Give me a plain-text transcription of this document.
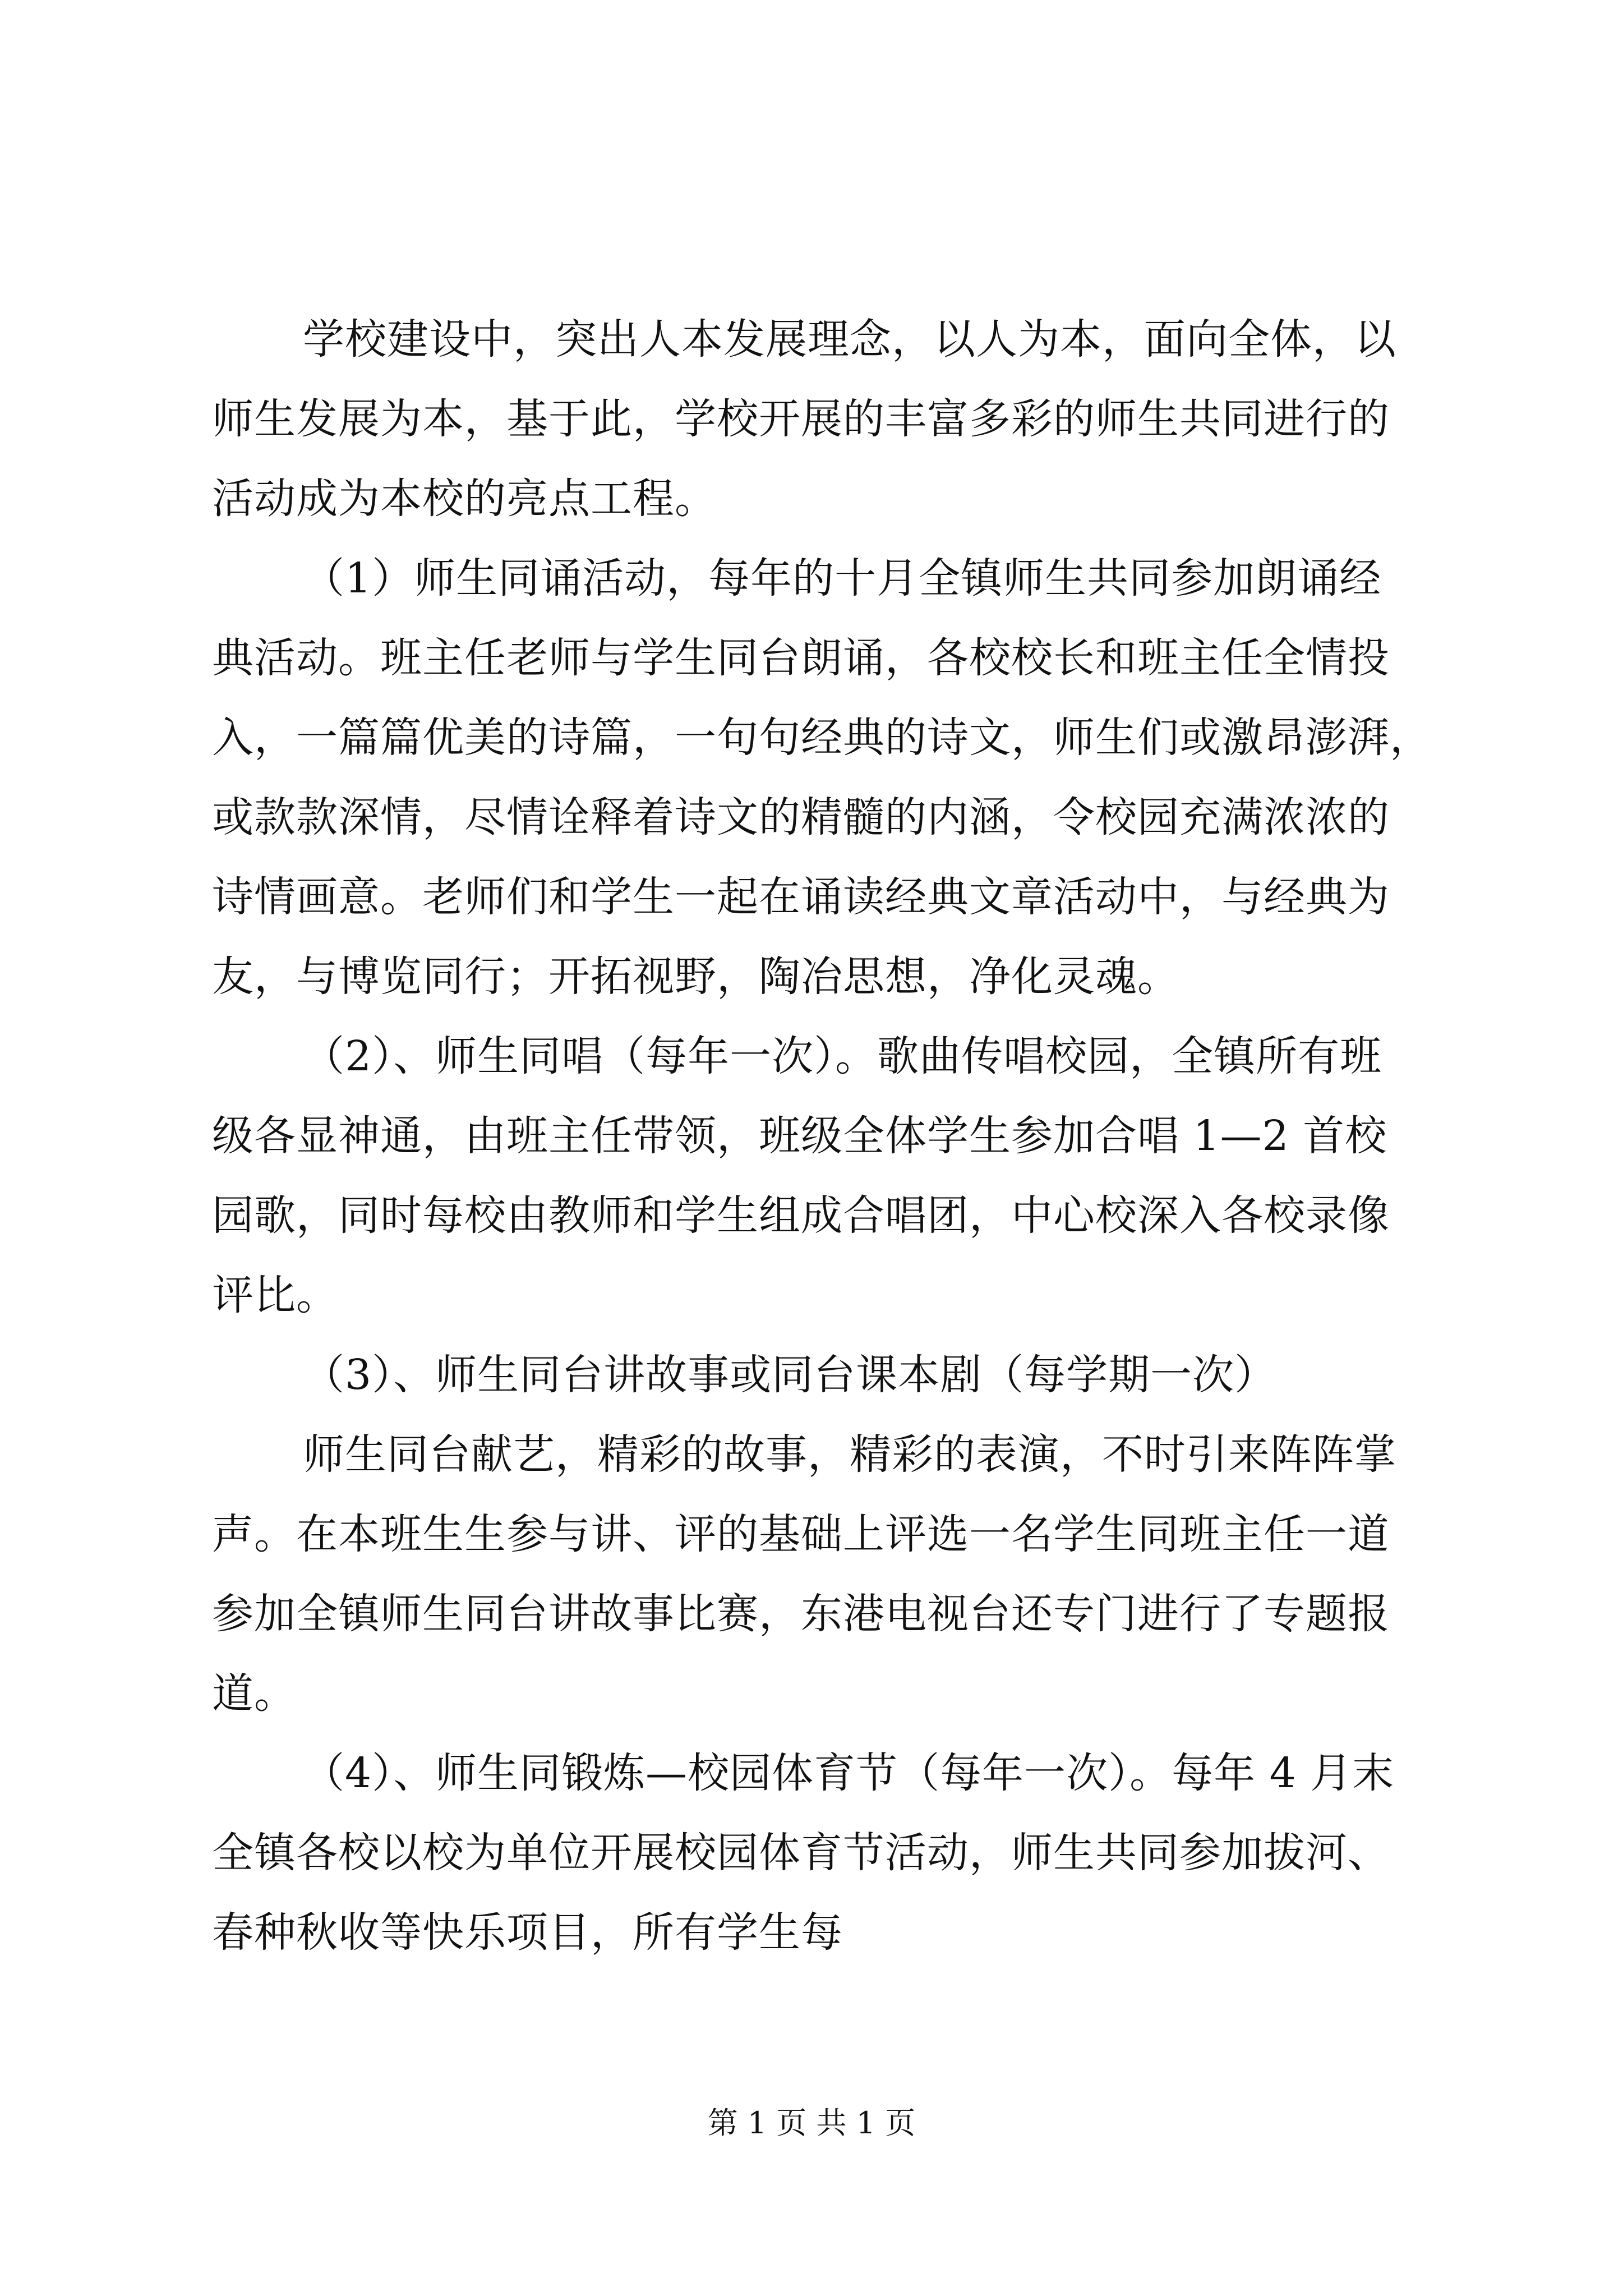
学校建设中，突出人本发展理念，以人为本，面向全体，以
师生发展为本，基于此，学校开展的丰富多彩的师生共同进行的
活动成为本校的亮点工程。
（1）师生同诵活动，每年的十月全镇师生共同参加朗诵经
典活动。班主任老师与学生同台朗诵，各校校长和班主任全情投
入，一篇篇优美的诗篇，一句句经典的诗文，师生们或激昂澎湃，
或款款深情，尽情诠释着诗文的精髓的内涵，令校园充满浓浓的
诗情画意。老师们和学生一起在诵读经典文章活动中，与经典为
友，与博览同行；开拓视野，陶冶思想，净化灵魂。
（2）、师生同唱（每年一次）。歌曲传唱校园，全镇所有班
级各显神通，由班主任带领，班级全体学生参加合唱 1—2 首校
园歌，同时每校由教师和学生组成合唱团，中心校深入各校录像
评比。
（3）、师生同台讲故事或同台课本剧（每学期一次）
师生同台献艺，精彩的故事，精彩的表演，不时引来阵阵掌
声。在本班生生参与讲、评的基础上评选一名学生同班主任一道
参加全镇师生同台讲故事比赛，东港电视台还专门进行了专题报
道。
（4）、师生同锻炼—校园体育节（每年一次）。每年 4 月末
全镇各校以校为单位开展校园体育节活动，师生共同参加拔河、
春种秋收等快乐项目，所有学生每
第 1 页 共 1 页
